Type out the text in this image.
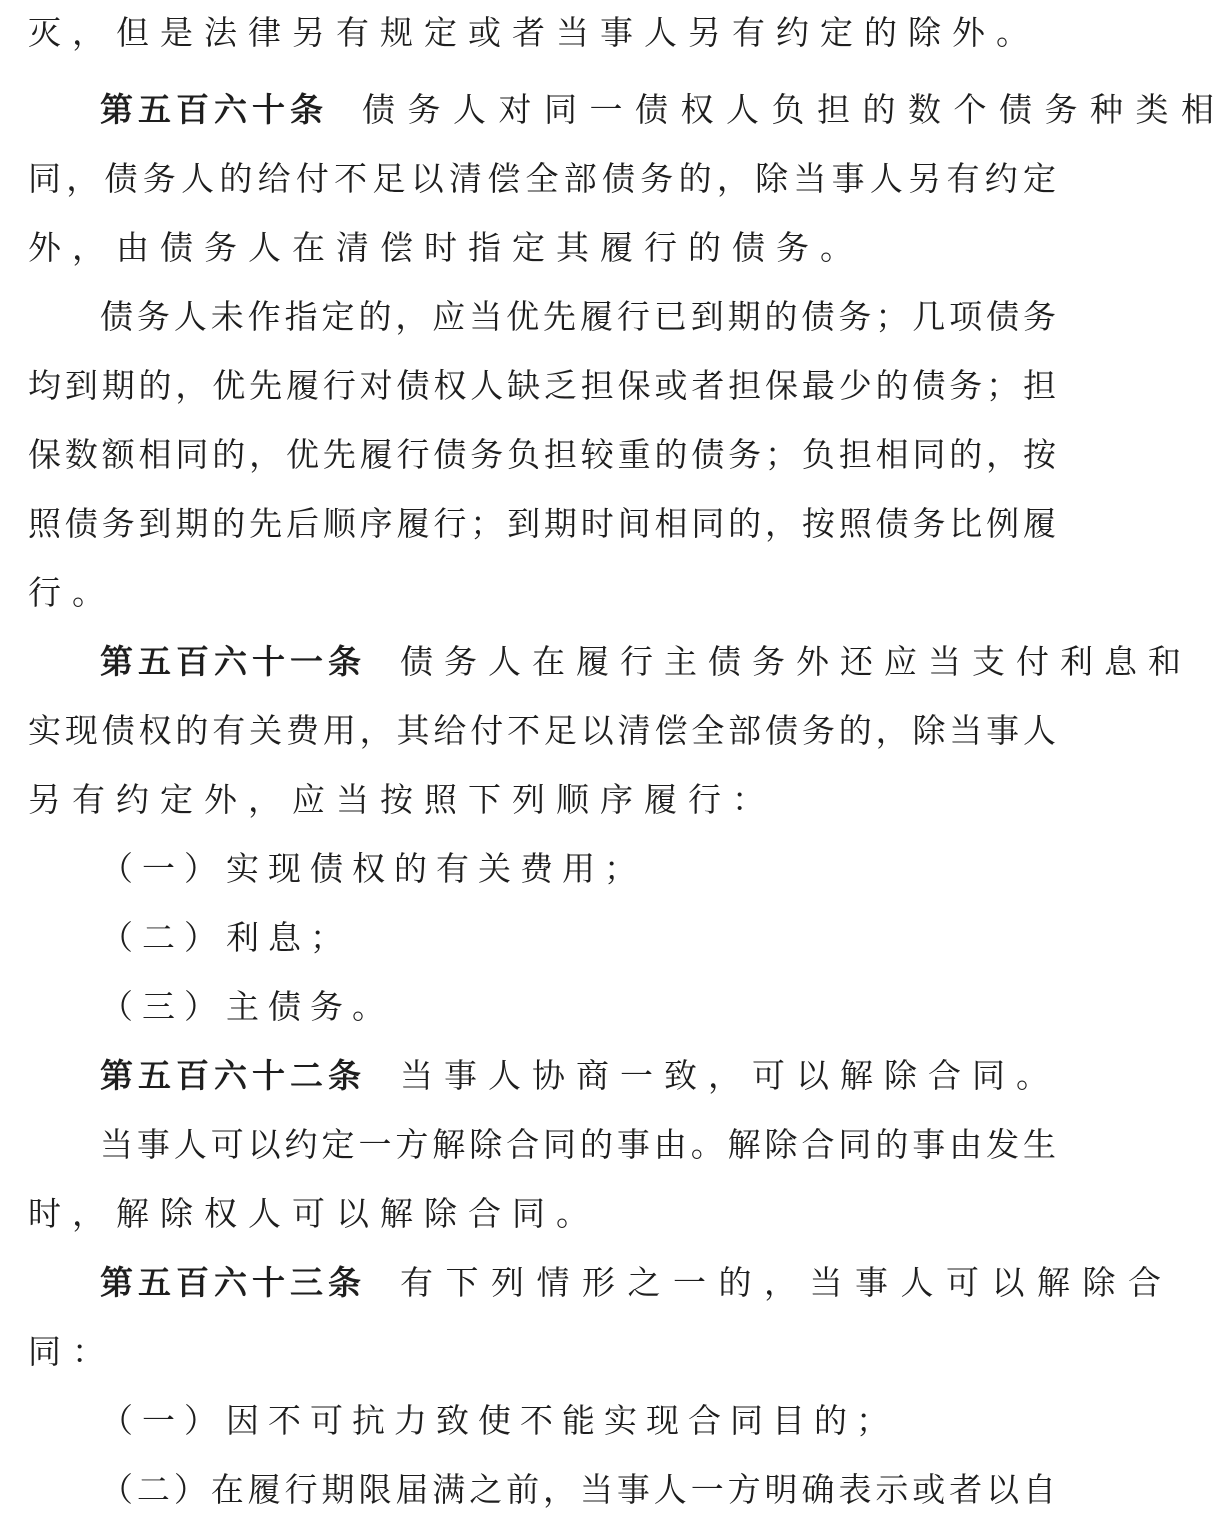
灭，但是法律另有规定或者当事人另有约定的除外。
第五百六十条 债务人对同一债权人负担的数个债务种类相
同，债务人的给付不足以清偿全部债务的，除当事人另有约定
外，由债务人在清偿时指定其履行的债务。
债务人未作指定的，应当优先履行已到期的债务；几项债务
均到期的，优先履行对债权人缺乏担保或者担保最少的债务；担
保数额相同的，优先履行债务负担较重的债务；负担相同的，按
照债务到期的先后顺序履行；到期时间相同的，按照债务比例履
行。
第五百六十一条 债务人在履行主债务外还应当支付利息和
实现债权的有关费用，其给付不足以清偿全部债务的，除当事人
另有约定外，应当按照下列顺序履行：
（一）实现债权的有关费用；
（二）利息；
（三）主债务。
第五百六十二条 当事人协商一致，可以解除合同。
当事人可以约定一方解除合同的事由。解除合同的事由发生
时，解除权人可以解除合同。
第五百六十三条 有下列情形之一的，当事人可以解除合
同：
（一）因不可抗力致使不能实现合同目的；
（二）在履行期限届满之前，当事人一方明确表示或者以自
